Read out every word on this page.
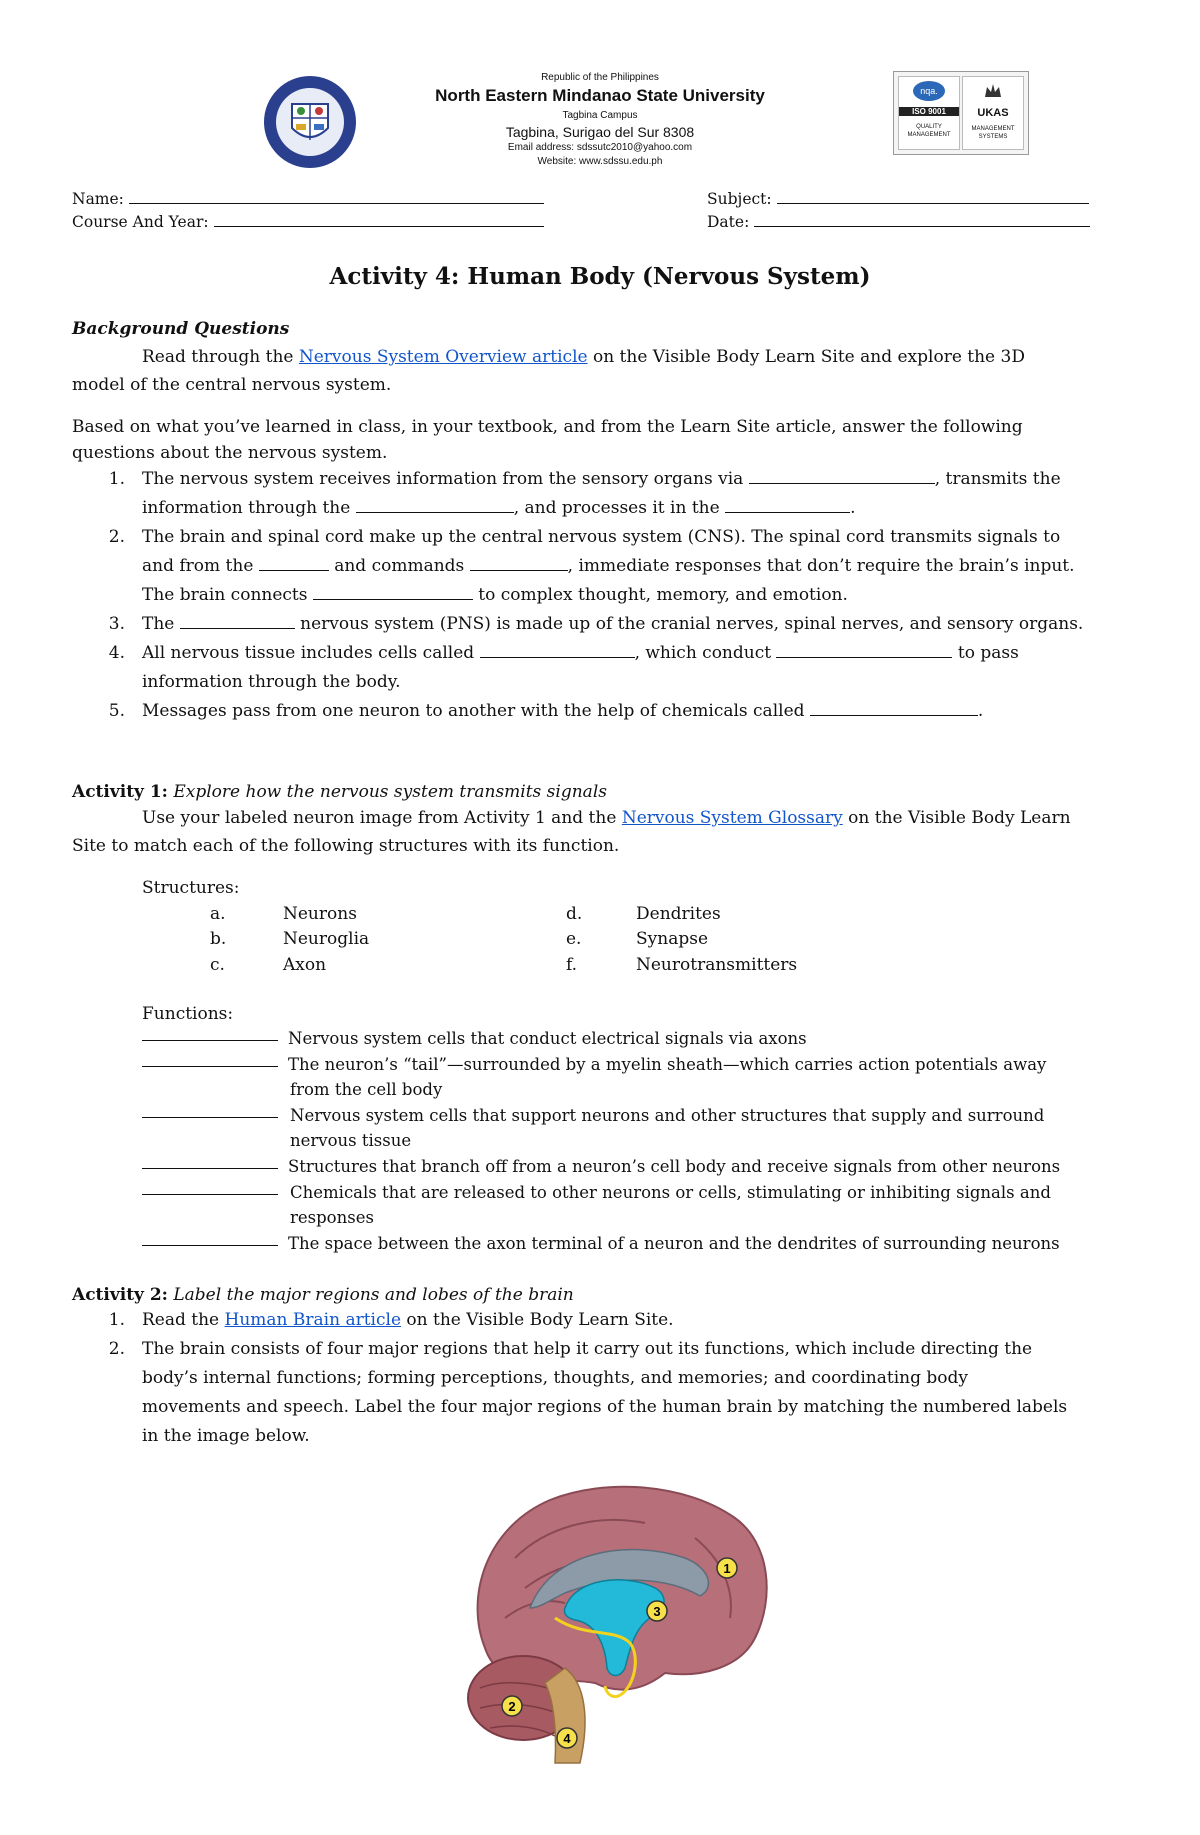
Republic of the Philippines
North Eastern Mindanao State University
Tagbina Campus
Tagbina, Surigao del Sur 8308
Email address: sdssutc2010@yahoo.com
Website: www.sdssu.edu.ph
nqa.
ISO 9001
QUALITY MANAGEMENT
UKAS
MANAGEMENT SYSTEMS
Name:
Course And Year:
Subject:
Date:
Activity 4: Human Body (Nervous System)
Background Questions
Read through the Nervous System Overview article on the Visible Body Learn Site and explore the 3D
model of the central nervous system.
Based on what you’ve learned in class, in your textbook, and from the Learn Site article, answer the following
questions about the nervous system.
1. The nervous system receives information from the sensory organs via	, transmits the
information through the	, and processes it in the	.
2. The brain and spinal cord make up the central nervous system (CNS). The spinal cord transmits signals to
and from the	and commands	, immediate responses that don’t require the brain’s input.
The brain connects	to complex thought, memory, and emotion.
3. The	nervous system (PNS) is made up of the cranial nerves, spinal nerves, and sensory organs.
4. All nervous tissue includes cells called	, which conduct	to pass
information through the body.
5. Messages pass from one neuron to another with the help of chemicals called	.
Activity 1: Explore how the nervous system transmits signals
Use your labeled neuron image from Activity 1 and the Nervous System Glossary on the Visible Body Learn
Site to match each of the following structures with its function.
Structures:
a.	Neurons
b.	Neuroglia
c.	Axon
d.	Dendrites
e.	Synapse
f.	Neurotransmitters
Functions:
Nervous system cells that conduct electrical signals via axons
The neuron’s “tail”—surrounded by a myelin sheath—which carries action potentials away
from the cell body
Nervous system cells that support neurons and other structures that supply and surround
nervous tissue
Structures that branch off from a neuron’s cell body and receive signals from other neurons
Chemicals that are released to other neurons or cells, stimulating or inhibiting signals and
responses
The space between the axon terminal of a neuron and the dendrites of surrounding neurons
Activity 2: Label the major regions and lobes of the brain
1. Read the Human Brain article on the Visible Body Learn Site.
2. The brain consists of four major regions that help it carry out its functions, which include directing the
body’s internal functions; forming perceptions, thoughts, and memories; and coordinating body
movements and speech. Label the four major regions of the human brain by matching the numbered labels
in the image below.
1
2
3
4
